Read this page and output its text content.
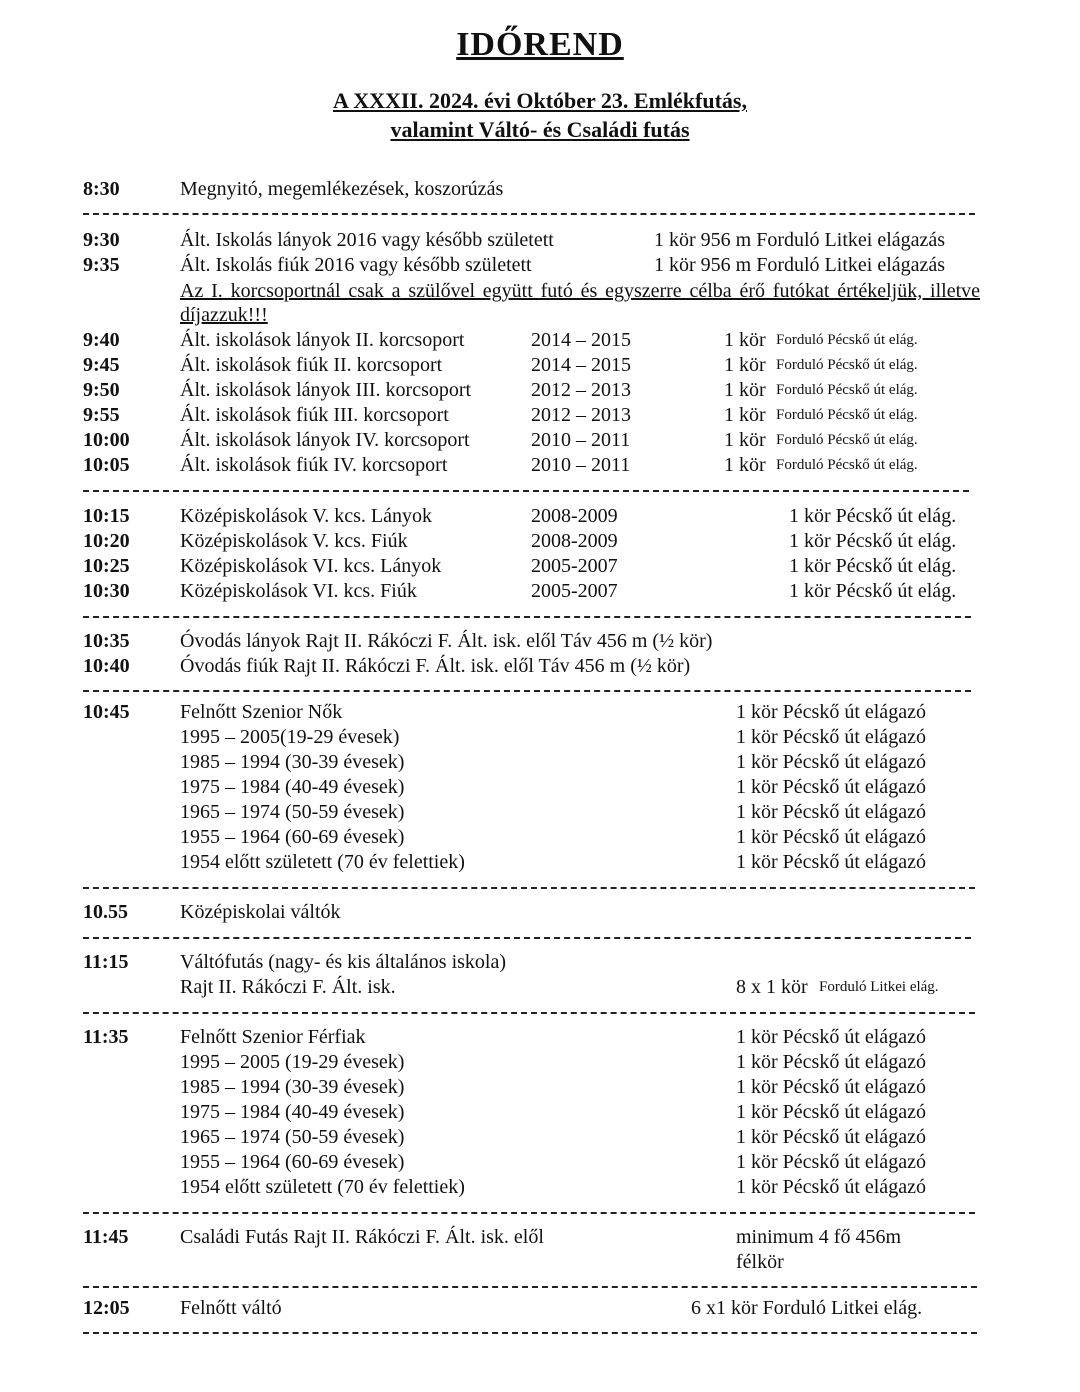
IDŐREND
A XXXII. 2024. évi Október 23. Emlékfutás,
valamint Váltó- és Családi futás
8:30	Megnyitó, megemlékezések, koszorúzás
9:30	Ált. Iskolás lányok 2016 vagy később született	1 kör 956 m Forduló Litkei elágazás
9:35	Ált. Iskolás fiúk 2016 vagy később született	1 kör 956 m Forduló Litkei elágazás
Az I. korcsoportnál csak a szülővel együtt futó és egyszerre célba érő futókat értékeljük, illetve díjazzuk!!!
9:40	Ált. iskolások lányok II. korcsoport	2014 – 2015	1 kör Forduló Pécskő út elág.
9:45	Ált. iskolások fiúk II. korcsoport	2014 – 2015	1 kör Forduló Pécskő út elág.
9:50	Ált. iskolások lányok III. korcsoport	2012 – 2013	1 kör Forduló Pécskő út elág.
9:55	Ált. iskolások fiúk III. korcsoport	2012 – 2013	1 kör Forduló Pécskő út elág.
10:00	Ált. iskolások lányok IV. korcsoport	2010 – 2011	1 kör Forduló Pécskő út elág.
10:05	Ált. iskolások fiúk IV. korcsoport	2010 – 2011	1 kör Forduló Pécskő út elág.
10:15	Középiskolások V. kcs. Lányok	2008-2009	1 kör Pécskő út elág.
10:20	Középiskolások V. kcs. Fiúk	2008-2009	1 kör Pécskő út elág.
10:25	Középiskolások VI. kcs. Lányok	2005-2007	1 kör Pécskő út elág.
10:30	Középiskolások VI. kcs. Fiúk	2005-2007	1 kör Pécskő út elág.
10:35	Óvodás lányok Rajt II. Rákóczi F. Ált. isk. elől Táv 456 m (½ kör)
10:40	Óvodás fiúk Rajt II. Rákóczi F. Ált. isk. elől Táv 456 m (½ kör)
10:45	Felnőtt Szenior Nők	1 kör Pécskő út elágazó
1995 – 2005(19-29 évesek)	1 kör Pécskő út elágazó
1985 – 1994 (30-39 évesek)	1 kör Pécskő út elágazó
1975 – 1984 (40-49 évesek)	1 kör Pécskő út elágazó
1965 – 1974 (50-59 évesek)	1 kör Pécskő út elágazó
1955 – 1964 (60-69 évesek)	1 kör Pécskő út elágazó
1954 előtt született (70 év felettiek)	1 kör Pécskő út elágazó
10.55	Középiskolai váltók
11:15	Váltófutás (nagy- és kis általános iskola)
Rajt II. Rákóczi F. Ált. isk.	8 x 1 kör Forduló Litkei elág.
11:35	Felnőtt Szenior Férfiak	1 kör Pécskő út elágazó
1995 – 2005 (19-29 évesek)	1 kör Pécskő út elágazó
1985 – 1994 (30-39 évesek)	1 kör Pécskő út elágazó
1975 – 1984 (40-49 évesek)	1 kör Pécskő út elágazó
1965 – 1974 (50-59 évesek)	1 kör Pécskő út elágazó
1955 – 1964 (60-69 évesek)	1 kör Pécskő út elágazó
1954 előtt született (70 év felettiek)	1 kör Pécskő út elágazó
11:45	Családi Futás Rajt II. Rákóczi F. Ált. isk. elől	minimum 4 fő 456m
félkör
12:05	Felnőtt váltó	6 x1 kör Forduló Litkei elág.
